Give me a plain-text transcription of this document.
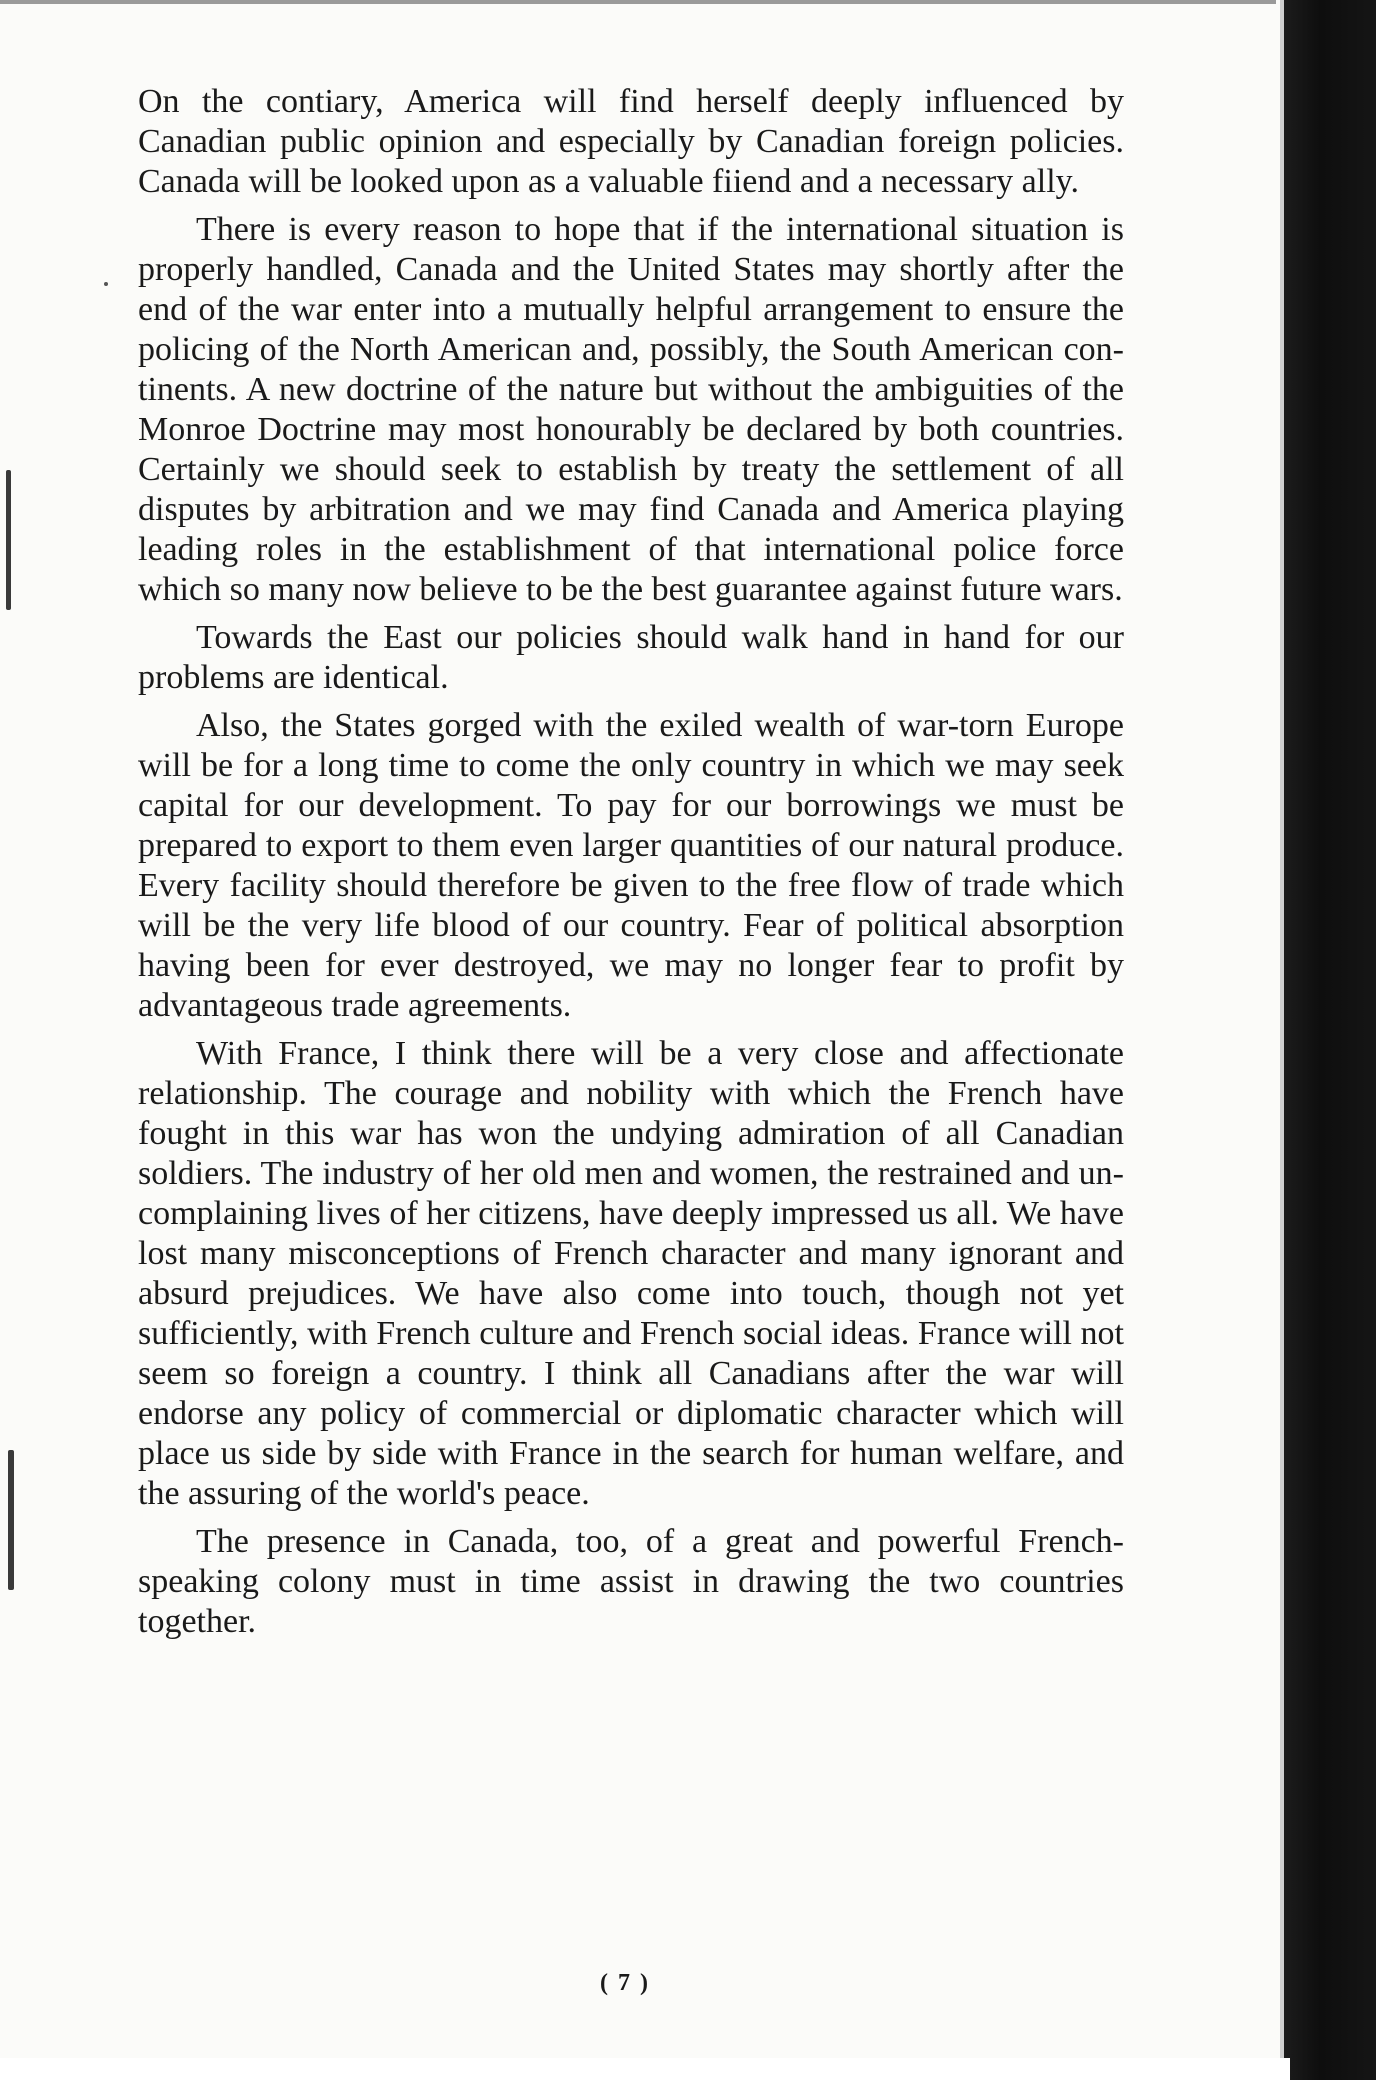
On the contiary, America will find herself deeply influenced by Canadian public opinion and especially by Canadian foreign policies. Canada will be looked upon as a valuable fiiend and a necessary ally.

There is every reason to hope that if the international situation is properly handled, Canada and the United States may shortly after the end of the war enter into a mutually helpful arrangement to ensure the policing of the North American and, possibly, the South American continents. A new doctrine of the nature but without the ambiguities of the Monroe Doctrine may most honourably be declared by both countries. Certainly we should seek to establish by treaty the settlement of all disputes by arbitration and we may find Canada and America playing leading roles in the establishment of that international police force which so many now believe to be the best guarantee against future wars.

Towards the East our policies should walk hand in hand for our problems are identical.

Also, the States gorged with the exiled wealth of war-torn Europe will be for a long time to come the only country in which we may seek capital for our development. To pay for our borrowings we must be prepared to export to them even larger quantities of our natural produce. Every facility should therefore be given to the free flow of trade which will be the very life blood of our country. Fear of political absorption having been for ever destroyed, we may no longer fear to profit by advantageous trade agreements.

With France, I think there will be a very close and affectionate relationship. The courage and nobility with which the French have fought in this war has won the undying admiration of all Canadian soldiers. The industry of her old men and women, the restrained and uncomplaining lives of her citizens, have deeply impressed us all. We have lost many misconceptions of French character and many ignorant and absurd prejudices. We have also come into touch, though not yet sufficiently, with French culture and French social ideas. France will not seem so foreign a country. I think all Canadians after the war will endorse any policy of commercial or diplomatic character which will place us side by side with France in the search for human welfare, and the assuring of the world's peace.

The presence in Canada, too, of a great and powerful French-speaking colony must in time assist in drawing the two countries together.

( 7 )
